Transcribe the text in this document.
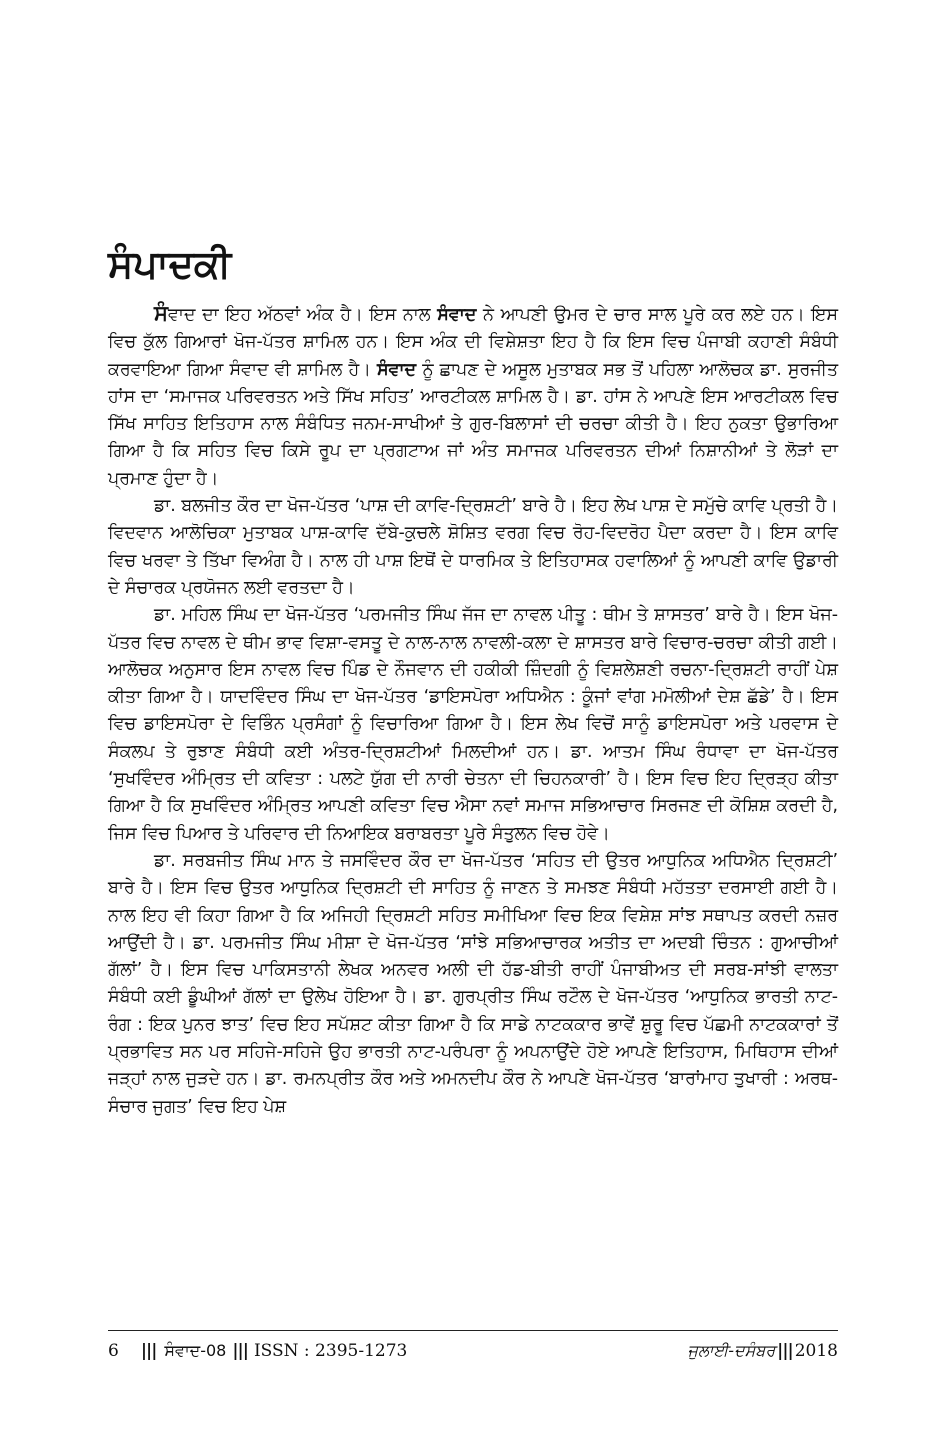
ਸੰਪਾਦਕੀ

ਸੰਵਾਦ ਦਾ ਇਹ ਅੱਠਵਾਂ ਅੰਕ ਹੈ। ਇਸ ਨਾਲ ਸੰਵਾਦ ਨੇ ਆਪਣੀ ਉਮਰ ਦੇ ਚਾਰ ਸਾਲ ਪੂਰੇ ਕਰ ਲਏ ਹਨ। ਇਸ ਵਿਚ ਕੁੱਲ ਗਿਆਰਾਂ ਖੋਜ-ਪੱਤਰ ਸ਼ਾਮਿਲ ਹਨ। ਇਸ ਅੰਕ ਦੀ ਵਿਸ਼ੇਸ਼ਤਾ ਇਹ ਹੈ ਕਿ ਇਸ ਵਿਚ ਪੰਜਾਬੀ ਕਹਾਣੀ ਸੰਬੰਧੀ ਕਰਵਾਇਆ ਗਿਆ ਸੰਵਾਦ ਵੀ ਸ਼ਾਮਿਲ ਹੈ। ਸੰਵਾਦ ਨੂੰ ਛਾਪਣ ਦੇ ਅਸੂਲ ਮੁਤਾਬਕ ਸਭ ਤੋਂ ਪਹਿਲਾ ਆਲੋਚਕ ਡਾ. ਸੁਰਜੀਤ ਹਾਂਸ ਦਾ ‘ਸਮਾਜਕ ਪਰਿਵਰਤਨ ਅਤੇ ਸਿੱਖ ਸਹਿਤ’ ਆਰਟੀਕਲ ਸ਼ਾਮਿਲ ਹੈ। ਡਾ. ਹਾਂਸ ਨੇ ਆਪਣੇ ਇਸ ਆਰਟੀਕਲ ਵਿਚ ਸਿੱਖ ਸਾਹਿਤ ਇਤਿਹਾਸ ਨਾਲ ਸੰਬੰਧਿਤ ਜਨਮ-ਸਾਖੀਆਂ ਤੇ ਗੁਰ-ਬਿਲਾਸਾਂ ਦੀ ਚਰਚਾ ਕੀਤੀ ਹੈ। ਇਹ ਨੁਕਤਾ ਉਭਾਰਿਆ ਗਿਆ ਹੈ ਕਿ ਸਹਿਤ ਵਿਚ ਕਿਸੇ ਰੂਪ ਦਾ ਪ੍ਰਗਟਾਅ ਜਾਂ ਅੰਤ ਸਮਾਜਕ ਪਰਿਵਰਤਨ ਦੀਆਂ ਨਿਸ਼ਾਨੀਆਂ ਤੇ ਲੋੜਾਂ ਦਾ ਪ੍ਰਮਾਣ ਹੁੰਦਾ ਹੈ।

ਡਾ. ਬਲਜੀਤ ਕੌਰ ਦਾ ਖੋਜ-ਪੱਤਰ ‘ਪਾਸ਼ ਦੀ ਕਾਵਿ-ਦ੍ਰਿਸ਼ਟੀ’ ਬਾਰੇ ਹੈ। ਇਹ ਲੇਖ ਪਾਸ਼ ਦੇ ਸਮੁੱਚੇ ਕਾਵਿ ਪ੍ਰਤੀ ਹੈ। ਵਿਦਵਾਨ ਆਲੋਚਿਕਾ ਮੁਤਾਬਕ ਪਾਸ਼-ਕਾਵਿ ਦੱਬੇ-ਕੁਚਲੇ ਸ਼ੋਸ਼ਿਤ ਵਰਗ ਵਿਚ ਰੋਹ-ਵਿਦਰੋਹ ਪੈਦਾ ਕਰਦਾ ਹੈ। ਇਸ ਕਾਵਿ ਵਿਚ ਖਰਵਾ ਤੇ ਤਿੱਖਾ ਵਿਅੰਗ ਹੈ। ਨਾਲ ਹੀ ਪਾਸ਼ ਇਥੋਂ ਦੇ ਧਾਰਮਿਕ ਤੇ ਇਤਿਹਾਸਕ ਹਵਾਲਿਆਂ ਨੂੰ ਆਪਣੀ ਕਾਵਿ ਉਡਾਰੀ ਦੇ ਸੰਚਾਰਕ ਪ੍ਰਯੋਜਨ ਲਈ ਵਰਤਦਾ ਹੈ।

ਡਾ. ਮਹਿਲ ਸਿੰਘ ਦਾ ਖੋਜ-ਪੱਤਰ ‘ਪਰਮਜੀਤ ਸਿੰਘ ਜੱਜ ਦਾ ਨਾਵਲ ਪੀਤੂ : ਥੀਮ ਤੇ ਸ਼ਾਸਤਰ’ ਬਾਰੇ ਹੈ। ਇਸ ਖੋਜ-ਪੱਤਰ ਵਿਚ ਨਾਵਲ ਦੇ ਥੀਮ ਭਾਵ ਵਿਸ਼ਾ-ਵਸਤੂ ਦੇ ਨਾਲ-ਨਾਲ ਨਾਵਲੀ-ਕਲਾ ਦੇ ਸ਼ਾਸਤਰ ਬਾਰੇ ਵਿਚਾਰ-ਚਰਚਾ ਕੀਤੀ ਗਈ। ਆਲੋਚਕ ਅਨੁਸਾਰ ਇਸ ਨਾਵਲ ਵਿਚ ਪਿੰਡ ਦੇ ਨੌਜਵਾਨ ਦੀ ਹਕੀਕੀ ਜ਼ਿੰਦਗੀ ਨੂੰ ਵਿਸ਼ਲੇਸ਼ਣੀ ਰਚਨਾ-ਦ੍ਰਿਸ਼ਟੀ ਰਾਹੀਂ ਪੇਸ਼ ਕੀਤਾ ਗਿਆ ਹੈ। ਯਾਦਵਿੰਦਰ ਸਿੰਘ ਦਾ ਖੋਜ-ਪੱਤਰ ‘ਡਾਇਸਪੋਰਾ ਅਧਿਐਨ : ਕੂੰਜਾਂ ਵਾਂਗ ਮਮੋਲੀਆਂ ਦੇਸ਼ ਛੱਡੇ’ ਹੈ। ਇਸ ਵਿਚ ਡਾਇਸਪੋਰਾ ਦੇ ਵਿਭਿੰਨ ਪ੍ਰਸੰਗਾਂ ਨੂੰ ਵਿਚਾਰਿਆ ਗਿਆ ਹੈ। ਇਸ ਲੇਖ ਵਿਚੋਂ ਸਾਨੂੰ ਡਾਇਸਪੋਰਾ ਅਤੇ ਪਰਵਾਸ ਦੇ ਸੰਕਲਪ ਤੇ ਰੁਝਾਣ ਸੰਬੰਧੀ ਕਈ ਅੰਤਰ-ਦ੍ਰਿਸ਼ਟੀਆਂ ਮਿਲਦੀਆਂ ਹਨ। ਡਾ. ਆਤਮ ਸਿੰਘ ਰੰਧਾਵਾ ਦਾ ਖੋਜ-ਪੱਤਰ ‘ਸੁਖਵਿੰਦਰ ਅੰਮ੍ਰਿਤ ਦੀ ਕਵਿਤਾ : ਪਲਟੇ ਯੁੱਗ ਦੀ ਨਾਰੀ ਚੇਤਨਾ ਦੀ ਚਿਹਨਕਾਰੀ’ ਹੈ। ਇਸ ਵਿਚ ਇਹ ਦ੍ਰਿੜ੍ਹ ਕੀਤਾ ਗਿਆ ਹੈ ਕਿ ਸੁਖਵਿੰਦਰ ਅੰਮ੍ਰਿਤ ਆਪਣੀ ਕਵਿਤਾ ਵਿਚ ਐਸਾ ਨਵਾਂ ਸਮਾਜ ਸਭਿਆਚਾਰ ਸਿਰਜਣ ਦੀ ਕੋਸ਼ਿਸ਼ ਕਰਦੀ ਹੈ, ਜਿਸ ਵਿਚ ਪਿਆਰ ਤੇ ਪਰਿਵਾਰ ਦੀ ਨਿਆਇਕ ਬਰਾਬਰਤਾ ਪੂਰੇ ਸੰਤੁਲਨ ਵਿਚ ਹੋਵੇ।

ਡਾ. ਸਰਬਜੀਤ ਸਿੰਘ ਮਾਨ ਤੇ ਜਸਵਿੰਦਰ ਕੌਰ ਦਾ ਖੋਜ-ਪੱਤਰ ‘ਸਹਿਤ ਦੀ ਉਤਰ ਆਧੁਨਿਕ ਅਧਿਐਨ ਦ੍ਰਿਸ਼ਟੀ’ ਬਾਰੇ ਹੈ। ਇਸ ਵਿਚ ਉਤਰ ਆਧੁਨਿਕ ਦ੍ਰਿਸ਼ਟੀ ਦੀ ਸਾਹਿਤ ਨੂੰ ਜਾਣਨ ਤੇ ਸਮਝਣ ਸੰਬੰਧੀ ਮਹੱਤਤਾ ਦਰਸਾਈ ਗਈ ਹੈ। ਨਾਲ ਇਹ ਵੀ ਕਿਹਾ ਗਿਆ ਹੈ ਕਿ ਅਜਿਹੀ ਦ੍ਰਿਸ਼ਟੀ ਸਹਿਤ ਸਮੀਖਿਆ ਵਿਚ ਇਕ ਵਿਸ਼ੇਸ਼ ਸਾਂਝ ਸਥਾਪਤ ਕਰਦੀ ਨਜ਼ਰ ਆਉਂਦੀ ਹੈ। ਡਾ. ਪਰਮਜੀਤ ਸਿੰਘ ਮੀਸ਼ਾ ਦੇ ਖੋਜ-ਪੱਤਰ ‘ਸਾਂਝੇ ਸਭਿਆਚਾਰਕ ਅਤੀਤ ਦਾ ਅਦਬੀ ਚਿੰਤਨ : ਗੁਆਚੀਆਂ ਗੱਲਾਂ’ ਹੈ। ਇਸ ਵਿਚ ਪਾਕਿਸਤਾਨੀ ਲੇਖਕ ਅਨਵਰ ਅਲੀ ਦੀ ਹੱਡ-ਬੀਤੀ ਰਾਹੀਂ ਪੰਜਾਬੀਅਤ ਦੀ ਸਰਬ-ਸਾਂਝੀ ਵਾਲਤਾ ਸੰਬੰਧੀ ਕਈ ਡੂੰਘੀਆਂ ਗੱਲਾਂ ਦਾ ਉਲੇਖ ਹੋਇਆ ਹੈ। ਡਾ. ਗੁਰਪ੍ਰੀਤ ਸਿੰਘ ਰਟੌਲ ਦੇ ਖੋਜ-ਪੱਤਰ ‘ਆਧੁਨਿਕ ਭਾਰਤੀ ਨਾਟ-ਰੰਗ : ਇਕ ਪੁਨਰ ਝਾਤ’ ਵਿਚ ਇਹ ਸਪੱਸ਼ਟ ਕੀਤਾ ਗਿਆ ਹੈ ਕਿ ਸਾਡੇ ਨਾਟਕਕਾਰ ਭਾਵੇਂ ਸ਼ੁਰੂ ਵਿਚ ਪੱਛਮੀ ਨਾਟਕਕਾਰਾਂ ਤੋਂ ਪ੍ਰਭਾਵਿਤ ਸਨ ਪਰ ਸਹਿਜੇ-ਸਹਿਜੇ ਉਹ ਭਾਰਤੀ ਨਾਟ-ਪਰੰਪਰਾ ਨੂੰ ਅਪਨਾਉਂਦੇ ਹੋਏ ਆਪਣੇ ਇਤਿਹਾਸ, ਮਿਥਿਹਾਸ ਦੀਆਂ ਜੜ੍ਹਾਂ ਨਾਲ ਜੁੜਦੇ ਹਨ। ਡਾ. ਰਮਨਪ੍ਰੀਤ ਕੌਰ ਅਤੇ ਅਮਨਦੀਪ ਕੌਰ ਨੇ ਆਪਣੇ ਖੋਜ-ਪੱਤਰ ‘ਬਾਰਾਂਮਾਹ ਤੁਖਾਰੀ : ਅਰਥ-ਸੰਚਾਰ ਜੁਗਤ’ ਵਿਚ ਇਹ ਪੇਸ਼

6 ||| ਸੰਵਾਦ-08 ||| ISSN : 2395-1273	ਜੁਲਾਈ-ਦਸੰਬਰ ||| 2018
